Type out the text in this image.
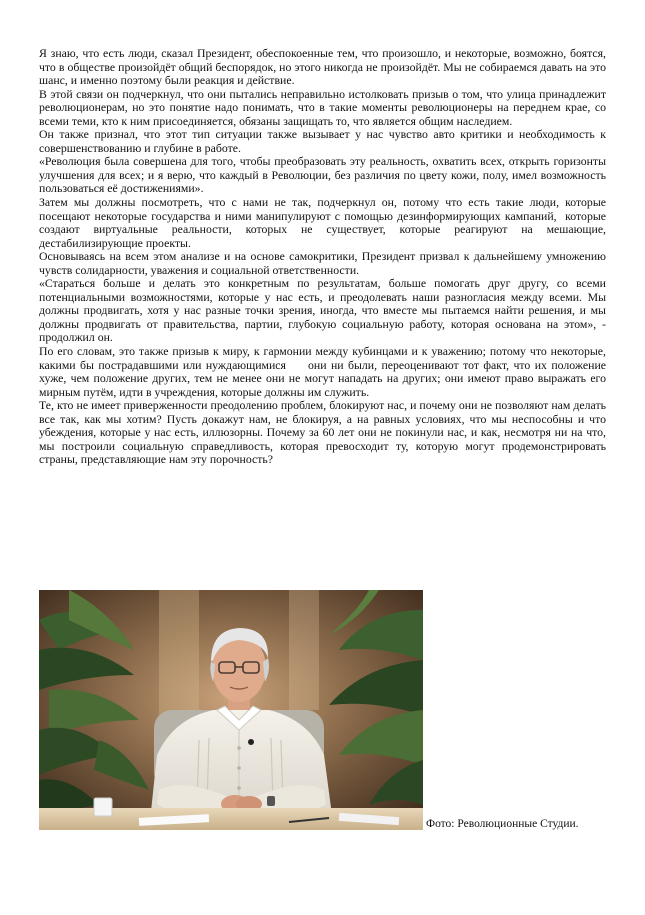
Я знаю, что есть люди, сказал Президент, обеспокоенные тем, что произошло, и некоторые, возможно, боятся, что в обществе произойдёт общий беспорядок, но этого никогда не произойдёт. Мы не собираемся давать на это шанс, и именно поэтому были реакция и действие.

В этой связи он подчеркнул, что они пытались неправильно истолковать призыв о том, что улица принадлежит революционерам, но это понятие надо понимать, что в такие моменты революционеры на переднем крае, со всеми теми, кто к ним присоединяется, обязаны защищать то, что является общим наследием.

Он также признал, что этот тип ситуации также вызывает у нас чувство авто критики и необходимость к совершенствованию и глубине в работе.

«Революция была совершена для того, чтобы преобразовать эту реальность, охватить всех, открыть горизонты улучшения для всех; и я верю, что каждый в Революции, без различия по цвету кожи, полу, имел возможность пользоваться её достижениями».

Затем мы должны посмотреть, что с нами не так, подчеркнул он, потому что есть такие люди, которые посещают некоторые государства и ними манипулируют с помощью дезинформирующих кампаний,  которые создают виртуальные реальности, которых не существует, которые реагируют на мешающие, дестабилизирующие проекты.

Основываясь на всем этом анализе и на основе самокритики, Президент призвал к дальнейшему умножению чувств солидарности, уважения и социальной ответственности.

«Стараться больше и делать это конкретным по результатам, больше помогать друг другу, со всеми потенциальными возможностями, которые у нас есть, и преодолевать наши разногласия между всеми. Мы должны продвигать, хотя у нас разные точки зрения, иногда, что вместе мы пытаемся найти решения, и мы должны продвигать от правительства, партии, глубокую социальную работу, которая основана на этом», - продолжил он.

По его словам, это также призыв к миру, к гармонии между кубинцами и к уважению; потому что некоторые, какими бы пострадавшими или нуждающимися     они ни были, переоценивают тот факт, что их положение хуже, чем положение других, тем не менее они не могут нападать на других; они имеют право выражать его мирным путём, идти в учреждения, которые должны им служить.

Те, кто не имеет приверженности преодолению проблем, блокируют нас, и почему они не позволяют нам делать все так, как мы хотим? Пусть докажут нам, не блокируя, а на равных условиях, что мы неспособны и что убеждения, которые у нас есть, иллюзорны. Почему за 60 лет они не покинули нас, и как, несмотря ни на что, мы построили социальную справедливость, которая превосходит ту, которую могут продемонстрировать страны, представляющие нам эту порочность?

Фото: Революционные Студии.
